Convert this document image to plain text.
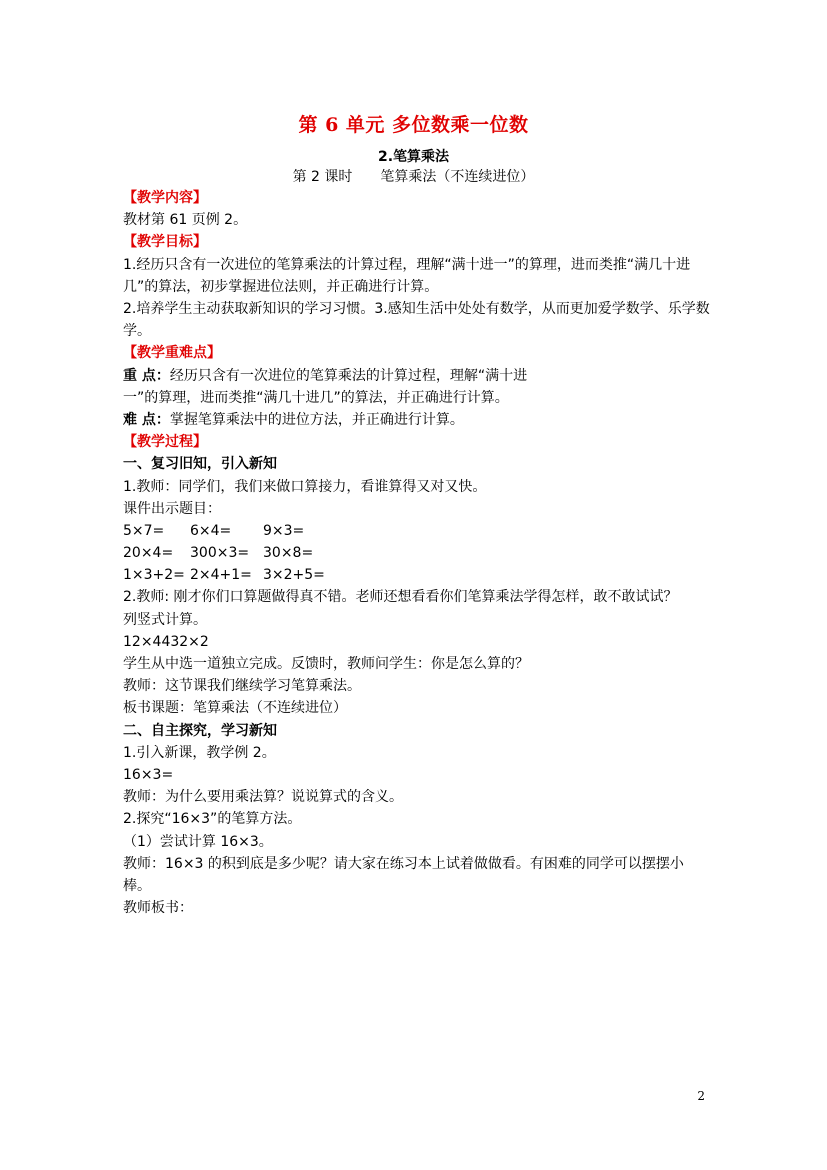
第 6 单元 多位数乘一位数
2.笔算乘法
第 2 课时 笔算乘法（不连续进位）
【教学内容】
教材第 61 页例 2。
【教学目标】
1.经历只含有一次进位的笔算乘法的计算过程，理解“满十进一”的算理，进而类推“满几十进几”的算法，初步掌握进位法则，并正确进行计算。
2.培养学生主动获取新知识的学习习惯。3.感知生活中处处有数学，从而更加爱学数学、乐学数学。
【教学重难点】
重 点：经历只含有一次进位的笔算乘法的计算过程，理解“满十进
一”的算理，进而类推“满几十进几”的算法，并正确进行计算。
难 点：掌握笔算乘法中的进位方法，并正确进行计算。
【教学过程】
一、复习旧知，引入新知
1.教师：同学们，我们来做口算接力，看谁算得又对又快。
课件出示题目：
5×7= 6×4= 9×3=
20×4= 300×3= 30×8=
1×3+2= 2×4+1= 3×2+5=
2.教师: 刚才你们口算题做得真不错。老师还想看看你们笔算乘法学得怎样，敢不敢试试？
列竖式计算。
12×4432×2
学生从中选一道独立完成。反馈时，教师问学生：你是怎么算的？
教师：这节课我们继续学习笔算乘法。
板书课题：笔算乘法（不连续进位）
二、自主探究，学习新知
1.引入新课，教学例 2。
16×3=
教师：为什么要用乘法算？说说算式的含义。
2.探究“16×3”的笔算方法。
（1）尝试计算 16×3。
教师：16×3 的积到底是多少呢？请大家在练习本上试着做做看。有困难的同学可以摆摆小
棒。
教师板书：
2
